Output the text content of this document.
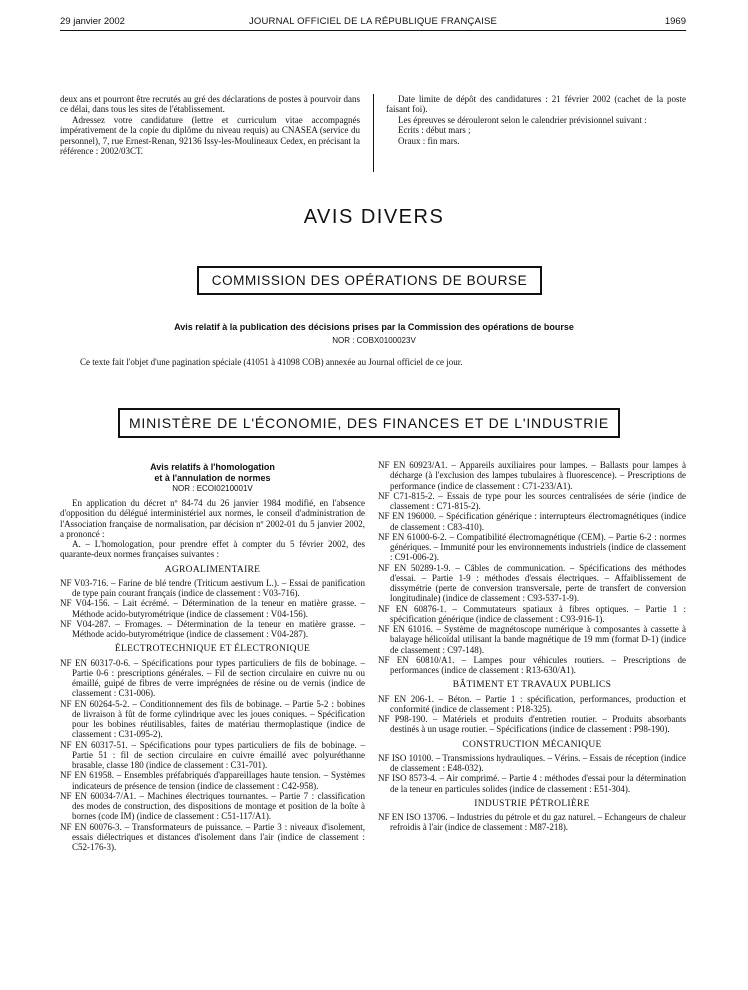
29 janvier 2002	JOURNAL OFFICIEL DE LA RÉPUBLIQUE FRANÇAISE	1969

deux ans et pourront être recrutés au gré des déclarations de postes à pourvoir dans ce délai, dans tous les sites de l'établissement.

Adressez votre candidature (lettre et curriculum vitae accompagnés impérativement de la copie du diplôme du niveau requis) au CNASEA (service du personnel), 7, rue Ernest-Renan, 92136 Issy-les-Moulineaux Cedex, en précisant la référence : 2002/03CT.

Date limite de dépôt des candidatures : 21 février 2002 (cachet de la poste faisant foi).

Les épreuves se dérouleront selon le calendrier prévisionnel suivant :

Ecrits : début mars ;

Oraux : fin mars.

AVIS DIVERS
COMMISSION DES OPÉRATIONS DE BOURSE
Avis relatif à la publication des décisions prises par la Commission des opérations de bourse
NOR : COBX0100023V
Ce texte fait l'objet d'une pagination spéciale (41051 à 41098 COB) annexée au Journal officiel de ce jour.
MINISTÈRE DE L'ÉCONOMIE, DES FINANCES ET DE L'INDUSTRIE
Avis relatifs à l'homologation
et à l'annulation de normes
NOR : ECOI0210001V

En application du décret nº 84-74 du 26 janvier 1984 modifié, en l'absence d'opposition du délégué interministériel aux normes, le conseil d'administration de l'Association française de normalisation, par décision nº 2002-01 du 5 janvier 2002, a prononcé :

A. – L'homologation, pour prendre effet à compter du 5 février 2002, des quarante-deux normes françaises suivantes :

AGROALIMENTAIRE

NF V03-716. – Farine de blé tendre (Triticum aestivum L.). – Essai de panification de type pain courant français (indice de classement : V03-716).

NF V04-156. – Lait écrémé. – Détermination de la teneur en matière grasse. – Méthode acido-butyrométrique (indice de classement : V04-156).

NF V04-287. – Fromages. – Détermination de la teneur en matière grasse. – Méthode acido-butyrométrique (indice de classement : V04-287).

ÉLECTROTECHNIQUE ET ÉLECTRONIQUE

NF EN 60317-0-6. – Spécifications pour types particuliers de fils de bobinage. – Partie 0-6 : prescriptions générales. – Fil de section circulaire en cuivre nu ou émaillé, guipé de fibres de verre imprégnées de résine ou de vernis (indice de classement : C31-006).

NF EN 60264-5-2. – Conditionnement des fils de bobinage. – Partie 5-2 : bobines de livraison à fût de forme cylindrique avec les joues coniques. – Spécification pour les bobines réutilisables, faites de matériau thermoplastique (indice de classement : C31-095-2).

NF EN 60317-51. – Spécifications pour types particuliers de fils de bobinage. – Partie 51 : fil de section circulaire en cuivre émaillé avec polyuréthanne brasable, classe 180 (indice de classement : C31-701).

NF EN 61958. – Ensembles préfabriqués d'appareillages haute tension. – Systèmes indicateurs de présence de tension (indice de classement : C42-958).

NF EN 60034-7/A1. – Machines électriques tournantes. – Partie 7 : classification des modes de construction, des dispositions de montage et position de la boîte à bornes (code IM) (indice de classement : C51-117/A1).

NF EN 60076-3. – Transformateurs de puissance. – Partie 3 : niveaux d'isolement, essais diélectriques et distances d'isolement dans l'air (indice de classement : C52-176-3).

NF EN 60923/A1. – Appareils auxiliaires pour lampes. – Ballasts pour lampes à décharge (à l'exclusion des lampes tubulaires à fluorescence). – Prescriptions de performance (indice de classement : C71-233/A1).

NF C71-815-2. – Essais de type pour les sources centralisées de série (indice de classement : C71-815-2).

NF EN 196000. – Spécification générique : interrupteurs électromagnétiques (indice de classement : C83-410).

NF EN 61000-6-2. – Compatibilité électromagnétique (CEM). – Partie 6-2 : normes génériques. – Immunité pour les environnements industriels (indice de classement : C91-006-2).

NF EN 50289-1-9. – Câbles de communication. – Spécifications des méthodes d'essai. – Partie 1-9 : méthodes d'essais électriques. – Affaiblissement de dissymétrie (perte de conversion transversale, perte de transfert de conversion longitudinale) (indice de classement : C93-537-1-9).

NF EN 60876-1. – Commutateurs spatiaux à fibres optiques. – Partie 1 : spécification générique (indice de classement : C93-916-1).

NF EN 61016. – Système de magnétoscope numérique à composantes à cassette à balayage hélicoïdal utilisant la bande magnétique de 19 mm (format D-1) (indice de classement : C97-148).

NF EN 60810/A1. – Lampes pour véhicules routiers. – Prescriptions de performances (indice de classement : R13-630/A1).

BÂTIMENT ET TRAVAUX PUBLICS

NF EN 206-1. – Béton. – Partie 1 : spécification, performances, production et conformité (indice de classement : P18-325).

NF P98-190. – Matériels et produits d'entretien routier. – Produits absorbants destinés à un usage routier. – Spécifications (indice de classement : P98-190).

CONSTRUCTION MÉCANIQUE

NF ISO 10100. – Transmissions hydrauliques. – Vérins. – Essais de réception (indice de classement : E48-032).

NF ISO 8573-4. – Air comprimé. – Partie 4 : méthodes d'essai pour la détermination de la teneur en particules solides (indice de classement : E51-304).

INDUSTRIE PÉTROLIÈRE

NF EN ISO 13706. – Industries du pétrole et du gaz naturel. – Echangeurs de chaleur refroidis à l'air (indice de classement : M87-218).
